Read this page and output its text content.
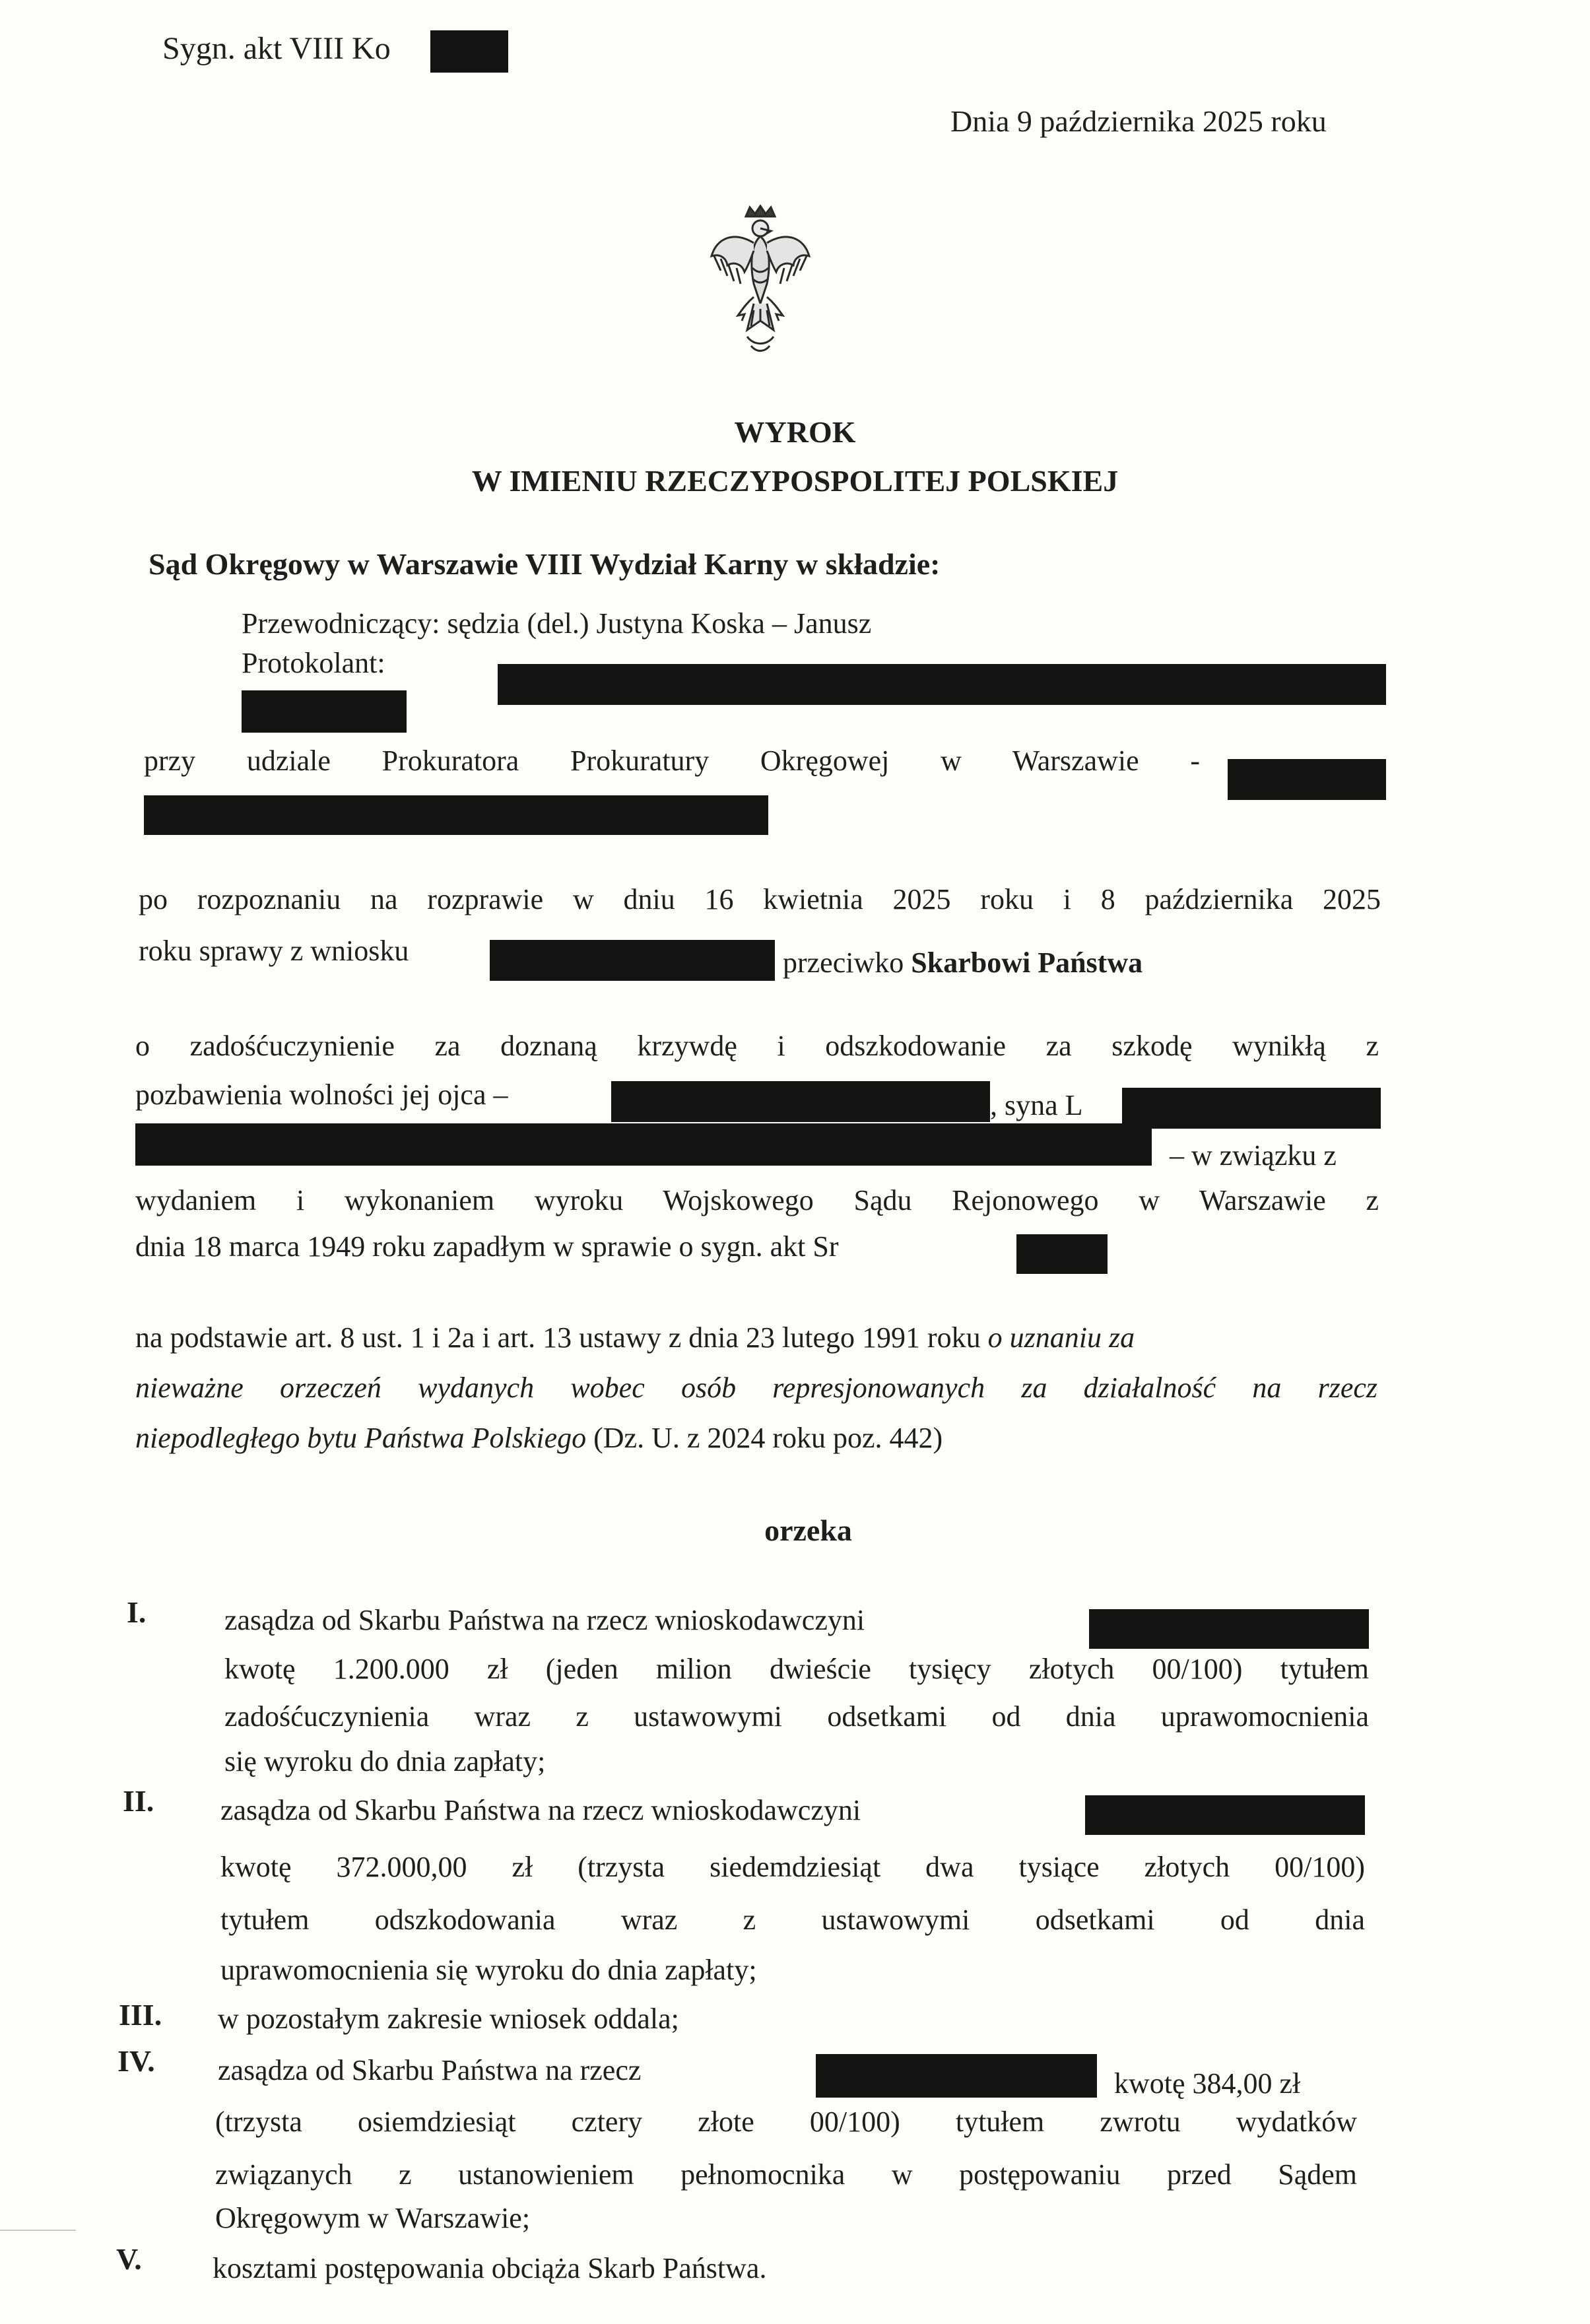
Sygn. akt VIII Ko
Dnia 9 października 2025 roku
WYROK
W IMIENIU RZECZYPOSPOLITEJ POLSKIEJ
Sąd Okręgowy w Warszawie VIII Wydział Karny w składzie:
Przewodniczący: sędzia (del.) Justyna Koska – Janusz
Protokolant:
przy udziale Prokuratora Prokuratury Okręgowej w Warszawie -
po rozpoznaniu na rozprawie w dniu 16 kwietnia 2025 roku i 8 października 2025
roku sprawy z wniosku	przeciwko Skarbowi Państwa
o zadośćuczynienie za doznaną krzywdę i odszkodowanie za szkodę wynikłą z
pozbawienia wolności jej ojca –	, syna L
– w związku z
wydaniem i wykonaniem wyroku Wojskowego Sądu Rejonowego w Warszawie z
dnia 18 marca 1949 roku zapadłym w sprawie o sygn. akt Sr
na podstawie art. 8 ust. 1 i 2a i art. 13 ustawy z dnia 23 lutego 1991 roku o uznaniu za
nieważne orzeczeń wydanych wobec osób represjonowanych za działalność na rzecz
niepodległego bytu Państwa Polskiego (Dz. U. z 2024 roku poz. 442)
orzeka
I.	zasądza od Skarbu Państwa na rzecz wnioskodawczyni
kwotę 1.200.000 zł (jeden milion dwieście tysięcy złotych 00/100) tytułem
zadośćuczynienia wraz z ustawowymi odsetkami od dnia uprawomocnienia
się wyroku do dnia zapłaty;
II. zasądza od Skarbu Państwa na rzecz wnioskodawczyni
kwotę 372.000,00 zł (trzysta siedemdziesiąt dwa tysiące złotych 00/100)
tytułem odszkodowania wraz z ustawowymi odsetkami od dnia
uprawomocnienia się wyroku do dnia zapłaty;
III. w pozostałym zakresie wniosek oddala;
IV. zasądza od Skarbu Państwa na rzecz	kwotę 384,00 zł
(trzysta osiemdziesiąt cztery złote 00/100) tytułem zwrotu wydatków
związanych z ustanowieniem pełnomocnika w postępowaniu przed Sądem
Okręgowym w Warszawie;
V. kosztami postępowania obciąża Skarb Państwa.
